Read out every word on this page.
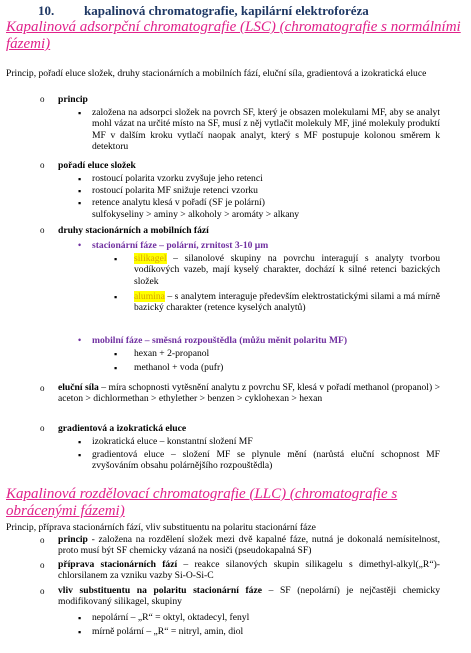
10. kapalinová chromatografie, kapilární elektroforéza
Kapalinová adsorpční chromatografie (LSC) (chromatografie s normálními fázemi)
Princip, pořadí eluce složek, druhy stacionárních a mobilních fází, eluční síla, gradientová a izokratická eluce
o princip
▪ založena na adsorpci složek na povrch SF, který je obsazen molekulami MF, aby se analyt mohl vázat na určité místo na SF, musí z něj vytlačit molekuly MF, jiné molekuly produktí MF v dalším kroku vytlačí naopak analyt, který s MF postupuje kolonou směrem k detektoru
o pořadí eluce složek
▪ rostoucí polarita vzorku zvyšuje jeho retenci
▪ rostoucí polarita MF snižuje retenci vzorku
▪ retence analytu klesá v pořadí (SF je polární)
sulfokyseliny > aminy > alkoholy > aromáty > alkany
o druhy stacionárních a mobilních fází
• stacionární fáze – polární, zrnitost 3-10 μm
▪ silikagel – silanolové skupiny na povrchu interagují s analyty tvorbou vodíkových vazeb, mají kyselý charakter, dochází k silné retenci bazických složek
▪ alumina – s analytem interaguje především elektrostatickými silami a má mírně bazický charakter (retence kyselých analytů)
• mobilní fáze – směsná rozpouštědla (můžu měnit polaritu MF)
▪ hexan + 2-propanol
▪ methanol + voda (pufr)
o eluční síla – míra schopnosti vytěsnění analytu z povrchu SF, klesá v pořadí methanol (propanol) > aceton > dichlormethan > ethylether > benzen > cyklohexan > hexan
o gradientová a izokratická eluce
▪ izokratická eluce – konstantní složení MF
▪ gradientová eluce – složení MF se plynule mění (narůstá eluční schopnost MF zvyšováním obsahu polárnějšího rozpouštědla)
Kapalinová rozdělovací chromatografie (LLC) (chromatografie s obrácenými fázemi)
Princip, příprava stacionárních fází, vliv substituentu na polaritu stacionární fáze
o princip - založena na rozdělení složek mezi dvě kapalné fáze, nutná je dokonalá nemísitelnost, proto musí být SF chemicky vázaná na nosiči (pseudokapalná SF)
o příprava stacionárních fází – reakce silanových skupin silikagelu s dimethyl-alkyl(„R“)-chlorsilanem za vzniku vazby Si-O-Si-C
o vliv substituentu na polaritu stacionární fáze – SF (nepolární) je nejčastěji chemicky modifikovaný silikagel, skupiny
▪ nepolární – „R“ = oktyl, oktadecyl, fenyl
▪ mírně polární – „R“ = nitryl, amin, diol
